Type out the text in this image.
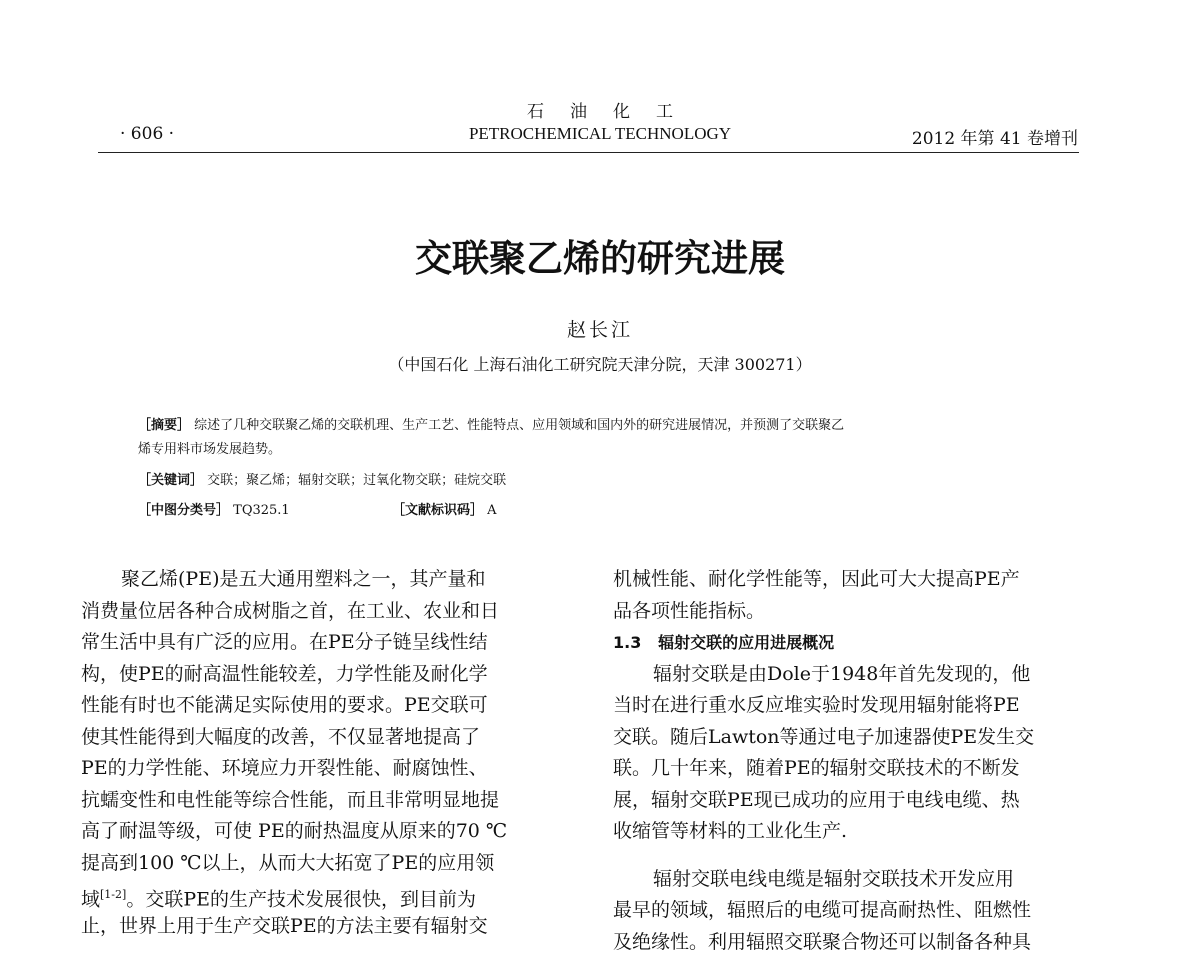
石油化工
· 606 ·	PETROCHEMICAL TECHNOLOGY	2012 年第 41 卷增刊
交联聚乙烯的研究进展
赵长江
（中国石化 上海石油化工研究院天津分院，天津 300271）
［摘要］ 综述了几种交联聚乙烯的交联机理、生产工艺、性能特点、应用领域和国内外的研究进展情况，并预测了交联聚乙
烯专用料市场发展趋势。
［关键词］ 交联；聚乙烯；辐射交联；过氧化物交联；硅烷交联
［中图分类号］ TQ325.1	［文献标识码］ A
聚乙烯(PE)是五大通用塑料之一，其产量和
消费量位居各种合成树脂之首，在工业、农业和日
常生活中具有广泛的应用。在PE分子链呈线性结
构，使PE的耐高温性能较差，力学性能及耐化学
性能有时也不能满足实际使用的要求。PE交联可
使其性能得到大幅度的改善，不仅显著地提高了
PE的力学性能、环境应力开裂性能、耐腐蚀性、
抗蠕变性和电性能等综合性能，而且非常明显地提
高了耐温等级，可使 PE的耐热温度从原来的70 ℃
提高到100 ℃以上，从而大大拓宽了PE的应用领
域[1-2]。交联PE的生产技术发展很快，到目前为
止，世界上用于生产交联PE的方法主要有辐射交
机械性能、耐化学性能等，因此可大大提高PE产
品各项性能指标。
1.3 辐射交联的应用进展概况
辐射交联是由Dole于1948年首先发现的，他
当时在进行重水反应堆实验时发现用辐射能将PE
交联。随后Lawton等通过电子加速器使PE发生交
联。几十年来，随着PE的辐射交联技术的不断发
展，辐射交联PE现已成功的应用于电线电缆、热
收缩管等材料的工业化生产.
辐射交联电线电缆是辐射交联技术开发应用
最早的领域，辐照后的电缆可提高耐热性、阻燃性
及绝缘性。利用辐照交联聚合物还可以制备各种具
